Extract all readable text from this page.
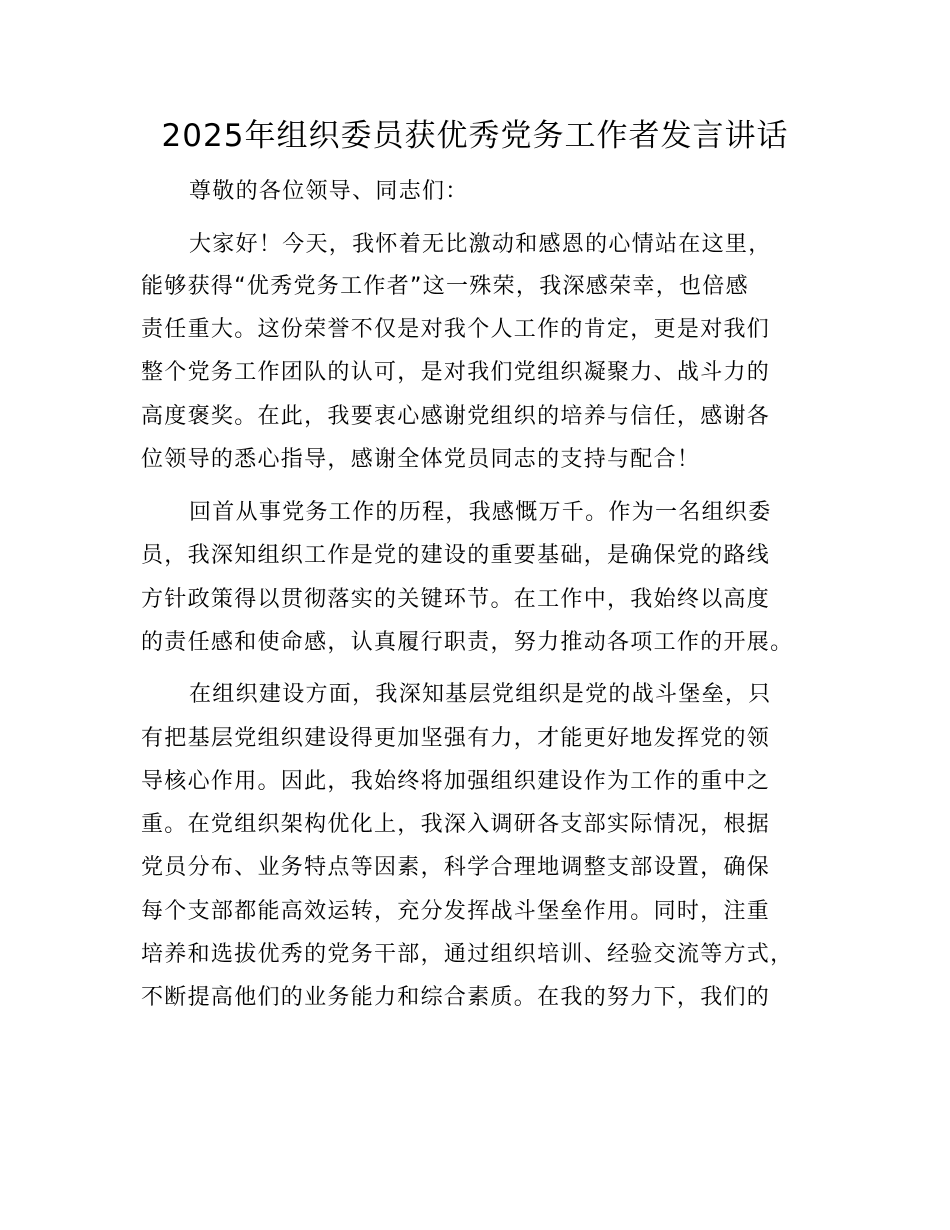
2025年组织委员获优秀党务工作者发言讲话
尊敬的各位领导、同志们：
大家好！今天，我怀着无比激动和感恩的心情站在这里，
能够获得“优秀党务工作者”这一殊荣，我深感荣幸，也倍感
责任重大。这份荣誉不仅是对我个人工作的肯定，更是对我们
整个党务工作团队的认可，是对我们党组织凝聚力、战斗力的
高度褒奖。在此，我要衷心感谢党组织的培养与信任，感谢各
位领导的悉心指导，感谢全体党员同志的支持与配合！
回首从事党务工作的历程，我感慨万千。作为一名组织委
员，我深知组织工作是党的建设的重要基础，是确保党的路线
方针政策得以贯彻落实的关键环节。在工作中，我始终以高度
的责任感和使命感，认真履行职责，努力推动各项工作的开展。
在组织建设方面，我深知基层党组织是党的战斗堡垒，只
有把基层党组织建设得更加坚强有力，才能更好地发挥党的领
导核心作用。因此，我始终将加强组织建设作为工作的重中之
重。在党组织架构优化上，我深入调研各支部实际情况，根据
党员分布、业务特点等因素，科学合理地调整支部设置，确保
每个支部都能高效运转，充分发挥战斗堡垒作用。同时，注重
培养和选拔优秀的党务干部，通过组织培训、经验交流等方式，
不断提高他们的业务能力和综合素质。在我的努力下，我们的
